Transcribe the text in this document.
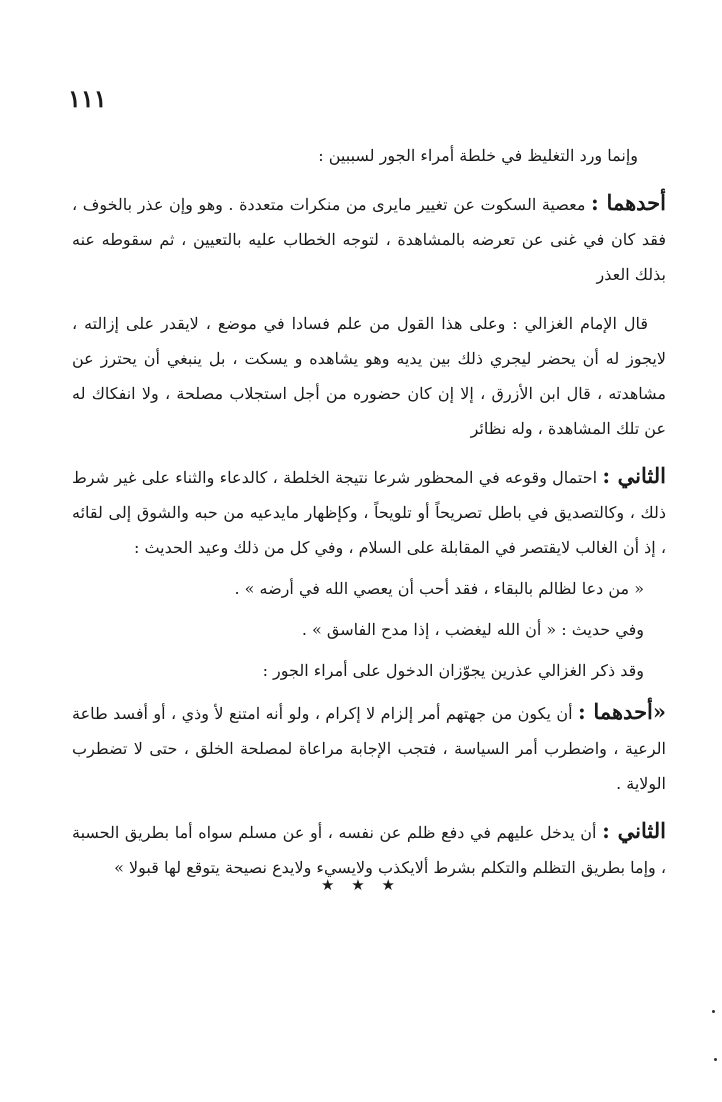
١١١

وإنما ورد التغليظ في خلطة أمراء الجور لسببين :

أحدهما : معصية السكوت عن تغيير مايرى من منكرات متعددة . وهو وإن عذر بالخوف ، فقد كان في غنى عن تعرضه بالمشاهدة ، لتوجه الخطاب عليه بالتعيين ، ثم سقوطه عنه بذلك العذر

قال الإمام الغزالي : وعلى هذا القول من علم فسادا في موضع ، لايقدر على إزالته ، لايجوز له أن يحضر ليجري ذلك بين يديه وهو يشاهده و يسكت ، بل ينبغي أن يحترز عن مشاهدته ، قال ابن الأزرق ، إلا إن كان حضوره من أجل استجلاب مصلحة ، ولا انفكاك له عن تلك المشاهدة ، وله نظائر

الثاني : احتمال وقوعه في المحظور شرعا نتيجة الخلطة ، كالدعاء والثناء على غير شرط ذلك ، وكالتصديق في باطل تصريحاً أو تلويحاً ، وكإظهار مايدعيه من حبه والشوق إلى لقائه ، إذ أن الغالب لايقتصر في المقابلة على السلام ، وفي كل من ذلك وعيد الحديث :

« من دعا لظالم بالبقاء ، فقد أحب أن يعصي الله في أرضه » .

وفي حديث : « أن الله ليغضب ، إذا مدح الفاسق » .

وقد ذكر الغزالي عذرين يجوّزان الدخول على أمراء الجور :

«أحدهما : أن يكون من جهتهم أمر إلزام لا إكرام ، ولو أنه امتنع لأ وذي ، أو أفسد طاعة الرعية ، واضطرب أمر السياسة ، فتجب الإجابة مراعاة لمصلحة الخلق ، حتى لا تضطرب الولاية .

الثاني : أن يدخل عليهم في دفع ظلم عن نفسه ، أو عن مسلم سواه أما بطريق الحسبة ، وإما بطريق التظلم والتكلم بشرط ألايكذب ولايسيء ولايدع نصيحة يتوقع لها قبولا »

★ ★ ★
